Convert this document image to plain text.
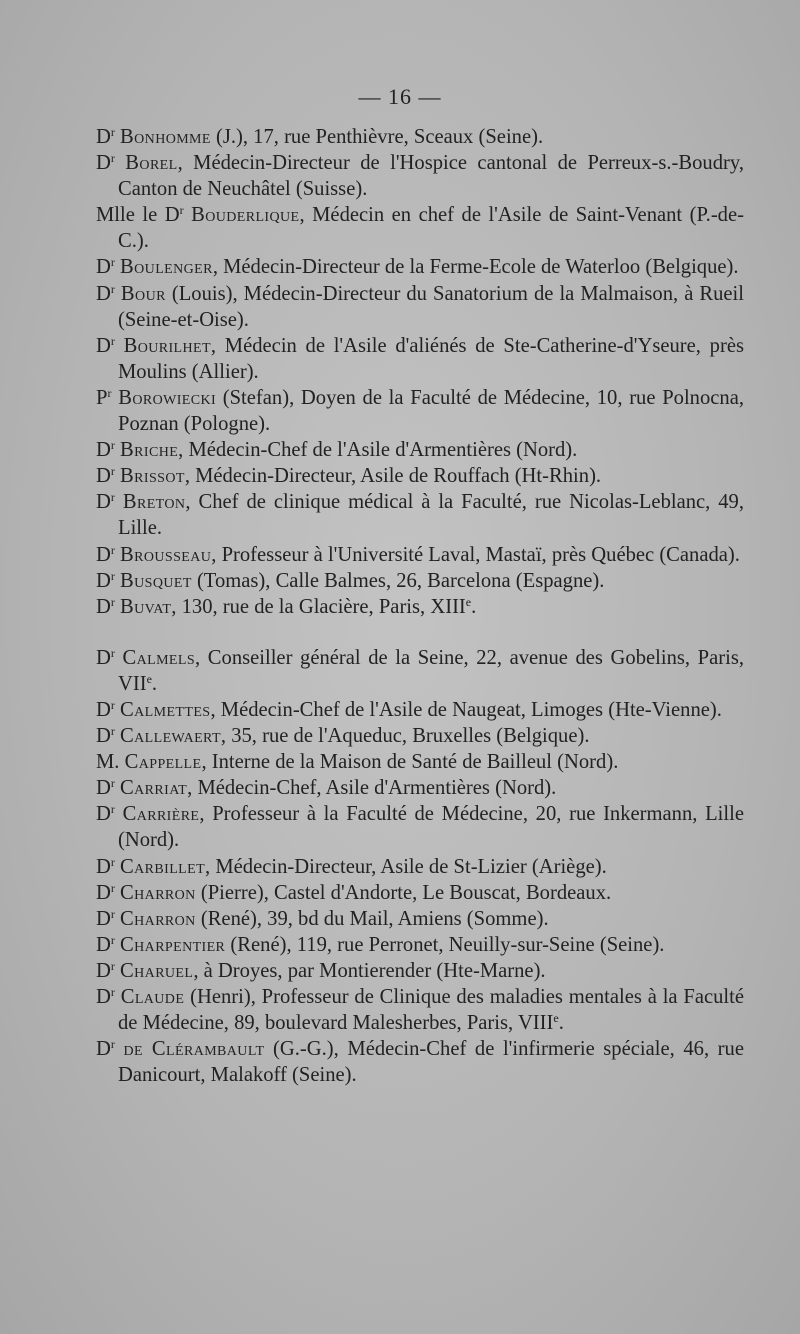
— 16 —
$D^r$ Bonhomme (J.), 17, rue Penthièvre, Sceaux (Seine).
$D^r$ Borel, Médecin-Directeur de l'Hospice cantonal de Perreux-s.-Boudry, Canton de Neuchâtel (Suisse).
Mlle le $D^r$ Bouderlique, Médecin en chef de l'Asile de Saint-Venant (P.-de-C.).
$D^r$ Boulenger, Médecin-Directeur de la Ferme-Ecole de Waterloo (Belgique).
$D^r$ Bour (Louis), Médecin-Directeur du Sanatorium de la Malmaison, à Rueil (Seine-et-Oise).
$D^r$ Bourilhet, Médecin de l'Asile d'aliénés de Ste-Catherine-d'Yseure, près Moulins (Allier).
$P^r$ Borowiecki (Stefan), Doyen de la Faculté de Médecine, 10, rue Polnocna, Poznan (Pologne).
$D^r$ Briche, Médecin-Chef de l'Asile d'Armentières (Nord).
$D^r$ Brissot, Médecin-Directeur, Asile de Rouffach (Ht-Rhin).
$D^r$ Breton, Chef de clinique médical à la Faculté, rue Nicolas-Leblanc, 49, Lille.
$D^r$ Brousseau, Professeur à l'Université Laval, Mastaï, près Québec (Canada).
$D^r$ Busquet (Tomas), Calle Balmes, 26, Barcelona (Espagne).
$D^r$ Buvat, 130, rue de la Glacière, Paris, XIIIe.
$D^r$ Calmels, Conseiller général de la Seine, 22, avenue des Gobelins, Paris, VIIe.
$D^r$ Calmettes, Médecin-Chef de l'Asile de Naugeat, Limoges (Hte-Vienne).
$D^r$ Callewaert, 35, rue de l'Aqueduc, Bruxelles (Belgique).
M. Cappelle, Interne de la Maison de Santé de Bailleul (Nord).
$D^r$ Carriat, Médecin-Chef, Asile d'Armentières (Nord).
$D^r$ Carrière, Professeur à la Faculté de Médecine, 20, rue Inkermann, Lille (Nord).
$D^r$ Carbillet, Médecin-Directeur, Asile de St-Lizier (Ariège).
$D^r$ Charron (Pierre), Castel d'Andorte, Le Bouscat, Bordeaux.
$D^r$ Charron (René), 39, bd du Mail, Amiens (Somme).
$D^r$ Charpentier (René), 119, rue Perronet, Neuilly-sur-Seine (Seine).
$D^r$ Charuel, à Droyes, par Montierender (Hte-Marne).
$D^r$ Claude (Henri), Professeur de Clinique des maladies mentales à la Faculté de Médecine, 89, boulevard Malesherbes, Paris, VIIIe.
$D^r$ de Clérambault (G.-G.), Médecin-Chef de l'infirmerie spéciale, 46, rue Danicourt, Malakoff (Seine).
